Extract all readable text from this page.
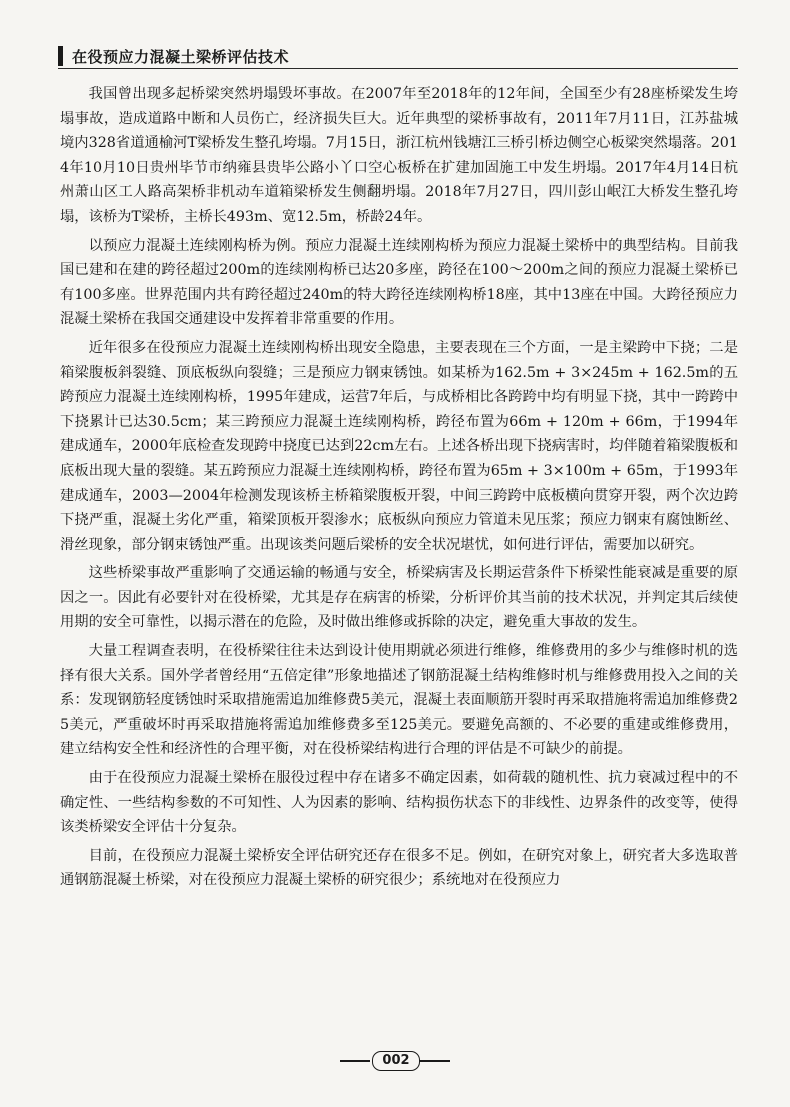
在役预应力混凝土梁桥评估技术

我国曾出现多起桥梁突然坍塌毁坏事故。在2007年至2018年的12年间，全国至少有28座桥梁发生垮塌事故，造成道路中断和人员伤亡，经济损失巨大。近年典型的梁桥事故有，2011年7月11日，江苏盐城境内328省道通榆河T梁桥发生整孔垮塌。7月15日，浙江杭州钱塘江三桥引桥边侧空心板梁突然塌落。2014年10月10日贵州毕节市纳雍县贵毕公路小丫口空心板桥在扩建加固施工中发生坍塌。2017年4月14日杭州萧山区工人路高架桥非机动车道箱梁桥发生侧翻坍塌。2018年7月27日，四川彭山岷江大桥发生整孔垮塌，该桥为T梁桥，主桥长493m、宽12.5m，桥龄24年。

以预应力混凝土连续刚构桥为例。预应力混凝土连续刚构桥为预应力混凝土梁桥中的典型结构。目前我国已建和在建的跨径超过200m的连续刚构桥已达20多座，跨径在100～200m之间的预应力混凝土梁桥已有100多座。世界范围内共有跨径超过240m的特大跨径连续刚构桥18座，其中13座在中国。大跨径预应力混凝土梁桥在我国交通建设中发挥着非常重要的作用。

近年很多在役预应力混凝土连续刚构桥出现安全隐患，主要表现在三个方面，一是主梁跨中下挠；二是箱梁腹板斜裂缝、顶底板纵向裂缝；三是预应力钢束锈蚀。如某桥为162.5m + 3×245m + 162.5m的五跨预应力混凝土连续刚构桥，1995年建成，运营7年后，与成桥相比各跨跨中均有明显下挠，其中一跨跨中下挠累计已达30.5cm；某三跨预应力混凝土连续刚构桥，跨径布置为66m + 120m + 66m，于1994年建成通车，2000年底检查发现跨中挠度已达到22cm左右。上述各桥出现下挠病害时，均伴随着箱梁腹板和底板出现大量的裂缝。某五跨预应力混凝土连续刚构桥，跨径布置为65m + 3×100m + 65m，于1993年建成通车，2003—2004年检测发现该桥主桥箱梁腹板开裂，中间三跨跨中底板横向贯穿开裂，两个次边跨下挠严重，混凝土劣化严重，箱梁顶板开裂渗水；底板纵向预应力管道未见压浆；预应力钢束有腐蚀断丝、滑丝现象，部分钢束锈蚀严重。出现该类问题后梁桥的安全状况堪忧，如何进行评估，需要加以研究。

这些桥梁事故严重影响了交通运输的畅通与安全，桥梁病害及长期运营条件下桥梁性能衰减是重要的原因之一。因此有必要针对在役桥梁，尤其是存在病害的桥梁，分析评价其当前的技术状况，并判定其后续使用期的安全可靠性，以揭示潜在的危险，及时做出维修或拆除的决定，避免重大事故的发生。

大量工程调查表明，在役桥梁往往未达到设计使用期就必须进行维修，维修费用的多少与维修时机的选择有很大关系。国外学者曾经用“五倍定律”形象地描述了钢筋混凝土结构维修时机与维修费用投入之间的关系：发现钢筋轻度锈蚀时采取措施需追加维修费5美元，混凝土表面顺筋开裂时再采取措施将需追加维修费25美元，严重破坏时再采取措施将需追加维修费多至125美元。要避免高额的、不必要的重建或维修费用，建立结构安全性和经济性的合理平衡，对在役桥梁结构进行合理的评估是不可缺少的前提。

由于在役预应力混凝土梁桥在服役过程中存在诸多不确定因素，如荷载的随机性、抗力衰减过程中的不确定性、一些结构参数的不可知性、人为因素的影响、结构损伤状态下的非线性、边界条件的改变等，使得该类桥梁安全评估十分复杂。

目前，在役预应力混凝土梁桥安全评估研究还存在很多不足。例如，在研究对象上，研究者大多选取普通钢筋混凝土桥梁，对在役预应力混凝土梁桥的研究很少；系统地对在役预应力

002
